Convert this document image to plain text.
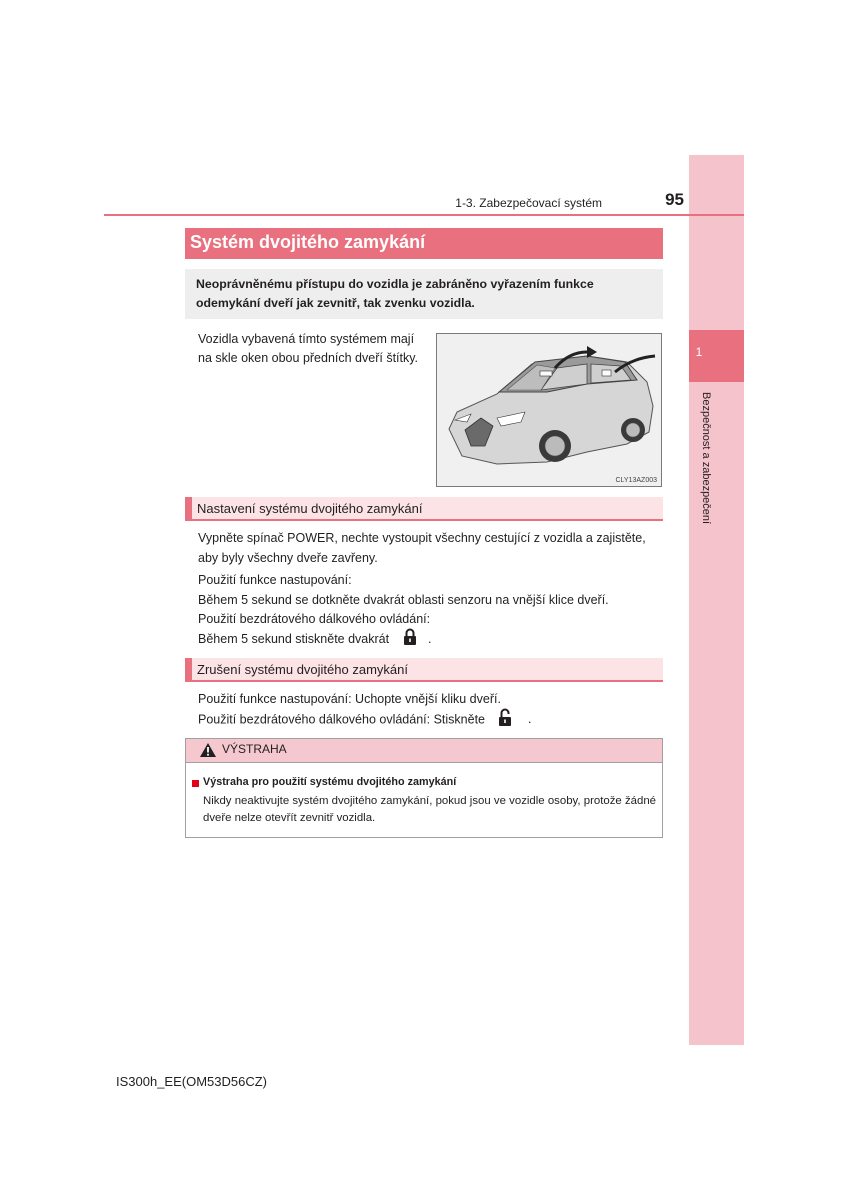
1
Bezpečnost a zabezpečení
1-3. Zabezpečovací systém	95
Systém dvojitého zamykání
Neoprávněnému přístupu do vozidla je zabráněno vyřazením funkce odemykání dveří jak zevnitř, tak zvenku vozidla.
Vozidla vybavená tímto systémem mají na skle oken obou předních dveří štítky.
CLY13AZ003
Nastavení systému dvojitého zamykání
Vypněte spínač POWER, nechte vystoupit všechny cestující z vozidla a zajistěte, aby byly všechny dveře zavřeny.
Použití funkce nastupování:
Během 5 sekund se dotkněte dvakrát oblasti senzoru na vnější klice dveří.
Použití bezdrátového dálkového ovládání:
Během 5 sekund stiskněte dvakrát	.
Zrušení systému dvojitého zamykání
Použití funkce nastupování: Uchopte vnější kliku dveří.
Použití bezdrátového dálkového ovládání: Stiskněte	.
VÝSTRAHA
Výstraha pro použití systému dvojitého zamykání
Nikdy neaktivujte systém dvojitého zamykání, pokud jsou ve vozidle osoby, protože žádné dveře nelze otevřít zevnitř vozidla.
IS300h_EE(OM53D56CZ)
